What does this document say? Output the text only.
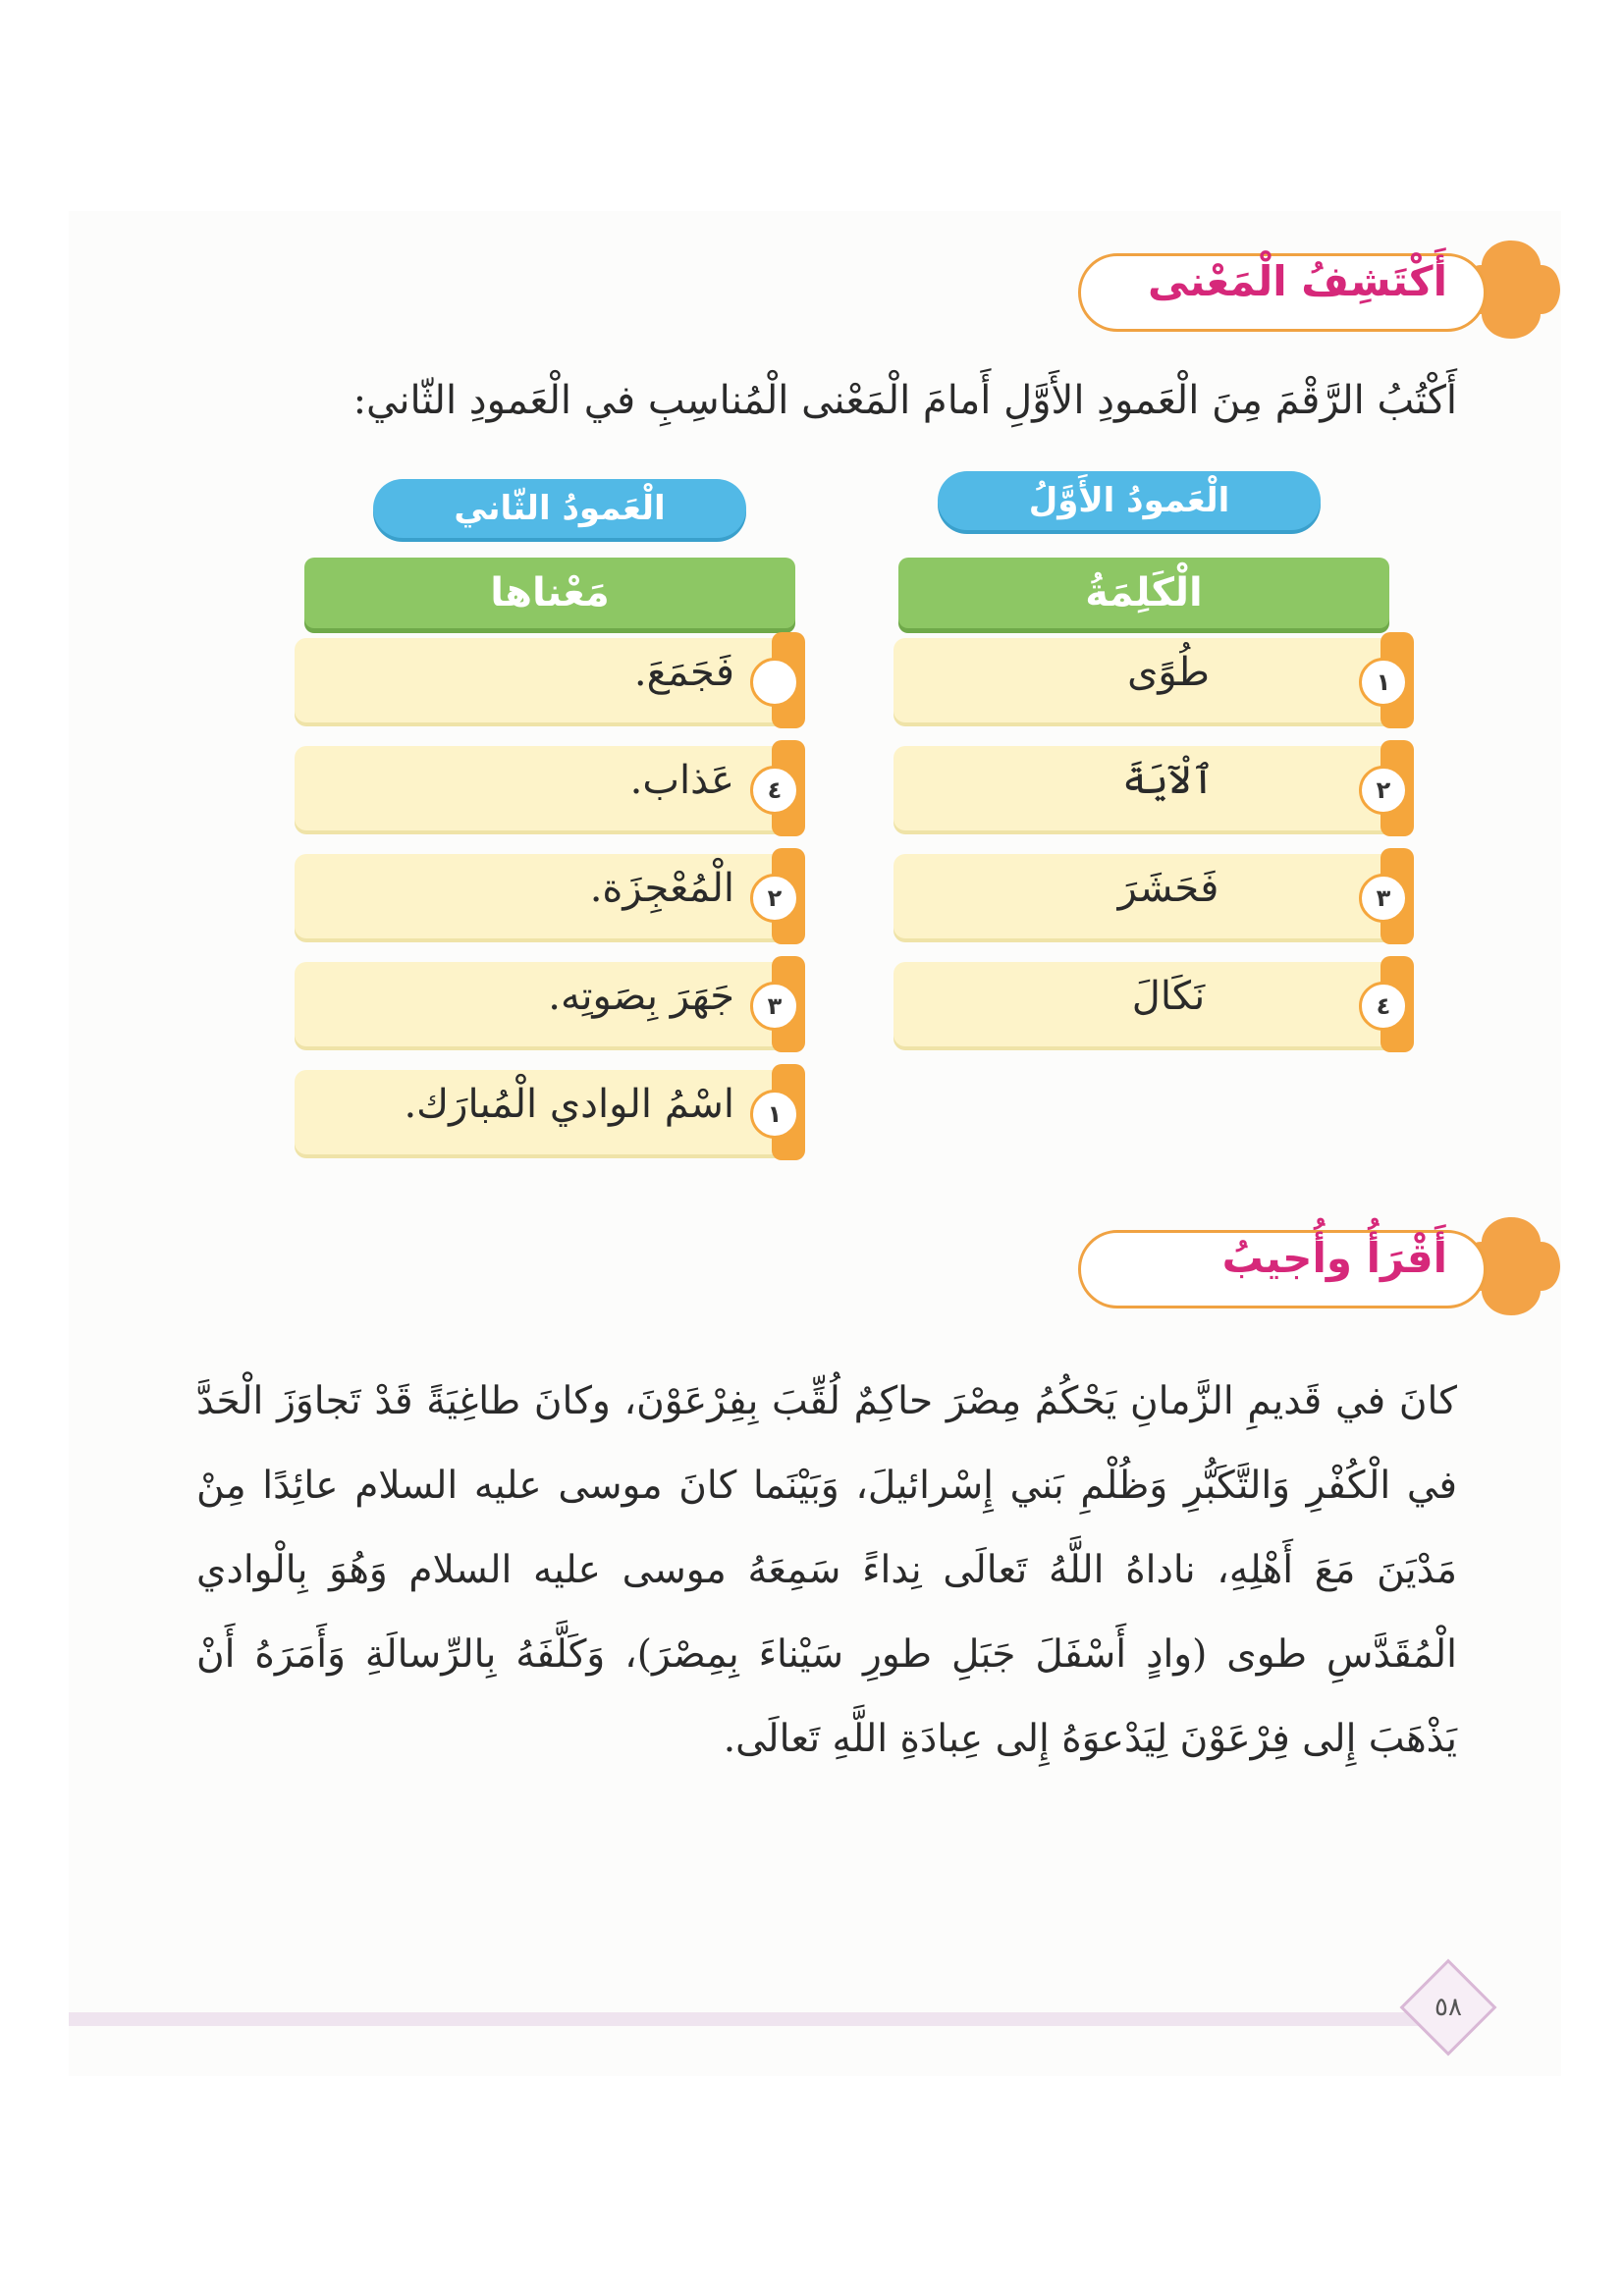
أَكْتَشِفُ الْمَعْنى
أَكْتُبُ الرَّقْمَ مِنَ الْعَمودِ الأَوَّلِ أَمامَ الْمَعْنى الْمُناسِبِ في الْعَمودِ الثّاني:
الْعَمودُ الأَوَّلُ
الْعَمودُ الثّاني
الْكَلِمَةُ
مَعْناها
١
طُوًى
٢
ٱلْآيَةَ
٣
فَحَشَرَ
٤
نَكَالَ
فَجَمَعَ.
٤
عَذاب.
٢
الْمُعْجِزَة.
٣
جَهَرَ بِصَوتِه.
١
اسْمُ الوادي الْمُبارَك.
أَقْرَأُ وأُجيبُ
كانَ في قَديمِ الزَّمانِ يَحْكُمُ مِصْرَ حاكِمٌ لُقِّبَ بِفِرْعَوْنَ، وكانَ طاغِيَةً قَدْ تَجاوَزَ الْحَدَّ في الْكُفْرِ وَالتَّكَبُّرِ وَظُلْمِ بَني إِسْرائيلَ، وَبَيْنَما كانَ موسى عليه السلام عائِدًا مِنْ مَدْيَنَ مَعَ أَهْلِهِ، ناداهُ اللَّهُ تَعالَى نِداءً سَمِعَهُ موسى عليه السلام وَهُوَ بِالْوادي الْمُقَدَّسِ طوى (وادٍ أَسْفَلَ جَبَلِ طورِ سَيْناءَ بِمِصْرَ)، وَكَلَّفَهُ بِالرِّسالَةِ وَأَمَرَهُ أَنْ يَذْهَبَ إِلى فِرْعَوْنَ لِيَدْعوَهُ إِلى عِبادَةِ اللَّهِ تَعالَى.
٥٨
